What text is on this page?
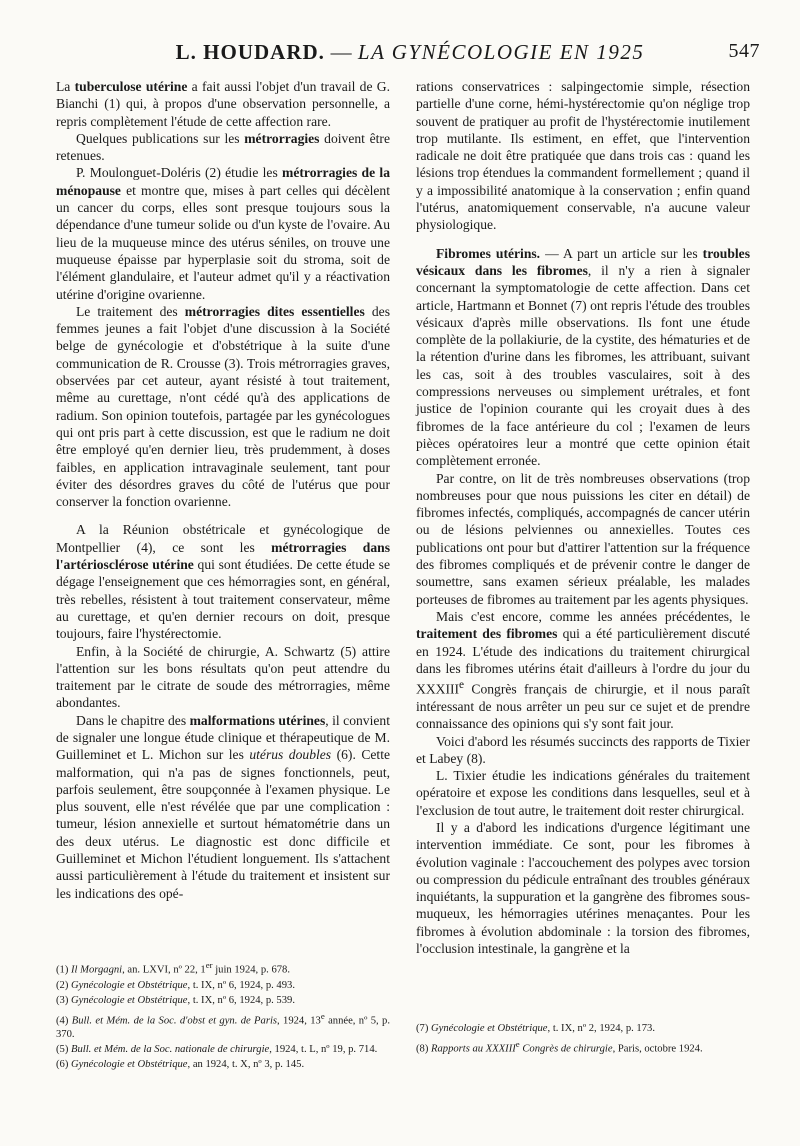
L. HOUDARD. — LA GYNÉCOLOGIE EN 1925	547

La tuberculose utérine a fait aussi l'objet d'un travail de G. Bianchi (1) qui, à propos d'une observation personnelle, a repris complètement l'étude de cette affection rare.

Quelques publications sur les métrorragies doivent être retenues.

P. Moulonguet-Doléris (2) étudie les métrorragies de la ménopause et montre que, mises à part celles qui décèlent un cancer du corps, elles sont presque toujours sous la dépendance d'une tumeur solide ou d'un kyste de l'ovaire. Au lieu de la muqueuse mince des utérus séniles, on trouve une muqueuse épaisse par hyperplasie soit du stroma, soit de l'élément glandulaire, et l'auteur admet qu'il y a réactivation utérine d'origine ovarienne.

Le traitement des métrorragies dites essentielles des femmes jeunes a fait l'objet d'une discussion à la Société belge de gynécologie et d'obstétrique à la suite d'une communication de R. Crousse (3). Trois métrorragies graves, observées par cet auteur, ayant résisté à tout traitement, même au curettage, n'ont cédé qu'à des applications de radium. Son opinion toutefois, partagée par les gynécologues qui ont pris part à cette discussion, est que le radium ne doit être employé qu'en dernier lieu, très prudemment, à doses faibles, en application intravaginale seulement, tant pour éviter des désordres graves du côté de l'utérus que pour conserver la fonction ovarienne.

A la Réunion obstétricale et gynécologique de Montpellier (4), ce sont les métrorragies dans l'artériosclérose utérine qui sont étudiées. De cette étude se dégage l'enseignement que ces hémorragies sont, en général, très rebelles, résistent à tout traitement conservateur, même au curettage, et qu'en dernier recours on doit, presque toujours, faire l'hystérectomie.

Enfin, à la Société de chirurgie, A. Schwartz (5) attire l'attention sur les bons résultats qu'on peut attendre du traitement par le citrate de soude des métrorragies, même abondantes.

Dans le chapitre des malformations utérines, il convient de signaler une longue étude clinique et thérapeutique de M. Guilleminet et L. Michon sur les utérus doubles (6). Cette malformation, qui n'a pas de signes fonctionnels, peut, parfois seulement, être soupçonnée à l'examen physique. Le plus souvent, elle n'est révélée que par une complication : tumeur, lésion annexielle et surtout hématométrie dans un des deux utérus. Le diagnostic est donc difficile et Guilleminet et Michon l'étudient longuement. Ils s'attachent aussi particulièrement à l'étude du traitement et insistent sur les indications des opé-

rations conservatrices : salpingectomie simple, résection partielle d'une corne, hémi-hystérectomie qu'on néglige trop souvent de pratiquer au profit de l'hystérectomie inutilement trop mutilante. Ils estiment, en effet, que l'intervention radicale ne doit être pratiquée que dans trois cas : quand les lésions trop étendues la commandent formellement ; quand il y a impossibilité anatomique à la conservation ; enfin quand l'utérus, anatomiquement conservable, n'a aucune valeur physiologique.

Fibromes utérins. — A part un article sur les troubles vésicaux dans les fibromes, il n'y a rien à signaler concernant la symptomatologie de cette affection. Dans cet article, Hartmann et Bonnet (7) ont repris l'étude des troubles vésicaux d'après mille observations. Ils font une étude complète de la pollakiurie, de la cystite, des hématuries et de la rétention d'urine dans les fibromes, les attribuant, suivant les cas, soit à des troubles vasculaires, soit à des compressions nerveuses ou simplement urétrales, et font justice de l'opinion courante qui les croyait dues à des fibromes de la face antérieure du col ; l'examen de leurs pièces opératoires leur a montré que cette opinion était complètement erronée.

Par contre, on lit de très nombreuses observations (trop nombreuses pour que nous puissions les citer en détail) de fibromes infectés, compliqués, accompagnés de cancer utérin ou de lésions pelviennes ou annexielles. Toutes ces publications ont pour but d'attirer l'attention sur la fréquence des fibromes compliqués et de prévenir contre le danger de soumettre, sans examen sérieux préalable, les malades porteuses de fibromes au traitement par les agents physiques.

Mais c'est encore, comme les années précédentes, le traitement des fibromes qui a été particulièrement discuté en 1924. L'étude des indications du traitement chirurgical dans les fibromes utérins était d'ailleurs à l'ordre du jour du XXXIIIe Congrès français de chirurgie, et il nous paraît intéressant de nous arrêter un peu sur ce sujet et de prendre connaissance des opinions qui s'y sont fait jour.

Voici d'abord les résumés succincts des rapports de Tixier et Labey (8).

L. Tixier étudie les indications générales du traitement opératoire et expose les conditions dans lesquelles, seul et à l'exclusion de tout autre, le traitement doit rester chirurgical.

Il y a d'abord les indications d'urgence légitimant une intervention immédiate. Ce sont, pour les fibromes à évolution vaginale : l'accouchement des polypes avec torsion ou compression du pédicule entraînant des troubles généraux inquiétants, la suppuration et la gangrène des fibromes sous-muqueux, les hémorragies utérines menaçantes. Pour les fibromes à évolution abdominale : la torsion des fibromes, l'occlusion intestinale, la gangrène et la

(1) Il Morgagni, an. LXVI, nº 22, 1er juin 1924, p. 678.

(2) Gynécologie et Obstétrique, t. IX, nº 6, 1924, p. 493.

(3) Gynécologie et Obstétrique, t. IX, nº 6, 1924, p. 539.

(4) Bull. et Mém. de la Soc. d'obst et gyn. de Paris, 1924, 13e année, nº 5, p. 370.

(5) Bull. et Mém. de la Soc. nationale de chirurgie, 1924, t. L, nº 19, p. 714.

(6) Gynécologie et Obstétrique, an 1924, t. X, nº 3, p. 145.

(7) Gynécologie et Obstétrique, t. IX, nº 2, 1924, p. 173.

(8) Rapports au XXXIIIe Congrès de chirurgie, Paris, octobre 1924.
